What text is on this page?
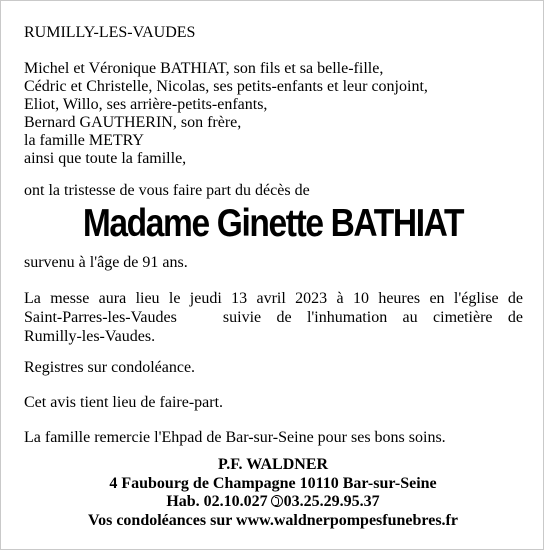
RUMILLY-LES-VAUDES
Michel et Véronique BATHIAT, son fils et sa belle-fille,
Cédric et Christelle, Nicolas, ses petits-enfants et leur conjoint,
Eliot, Willo, ses arrière-petits-enfants,
Bernard GAUTHERIN, son frère,
la famille METRY
ainsi que toute la famille,
ont la tristesse de vous faire part du décès de
Madame Ginette BATHIAT
survenu à l'âge de 91 ans.
La messe aura lieu le jeudi 13 avril 2023 à 10 heures en l'église de
Saint-Parres-les-Vaudes   suivie de l'inhumation au cimetière de
Rumilly-les-Vaudes.
Registres sur condoléance.
Cet avis tient lieu de faire-part.
La famille remercie l'Ehpad de Bar-sur-Seine pour ses bons soins.
P.F. WALDNER
4 Faubourg de Champagne 10110 Bar-sur-Seine
Hab. 02.10.027 03.25.29.95.37
Vos condoléances sur www.waldnerpompesfunebres.fr
